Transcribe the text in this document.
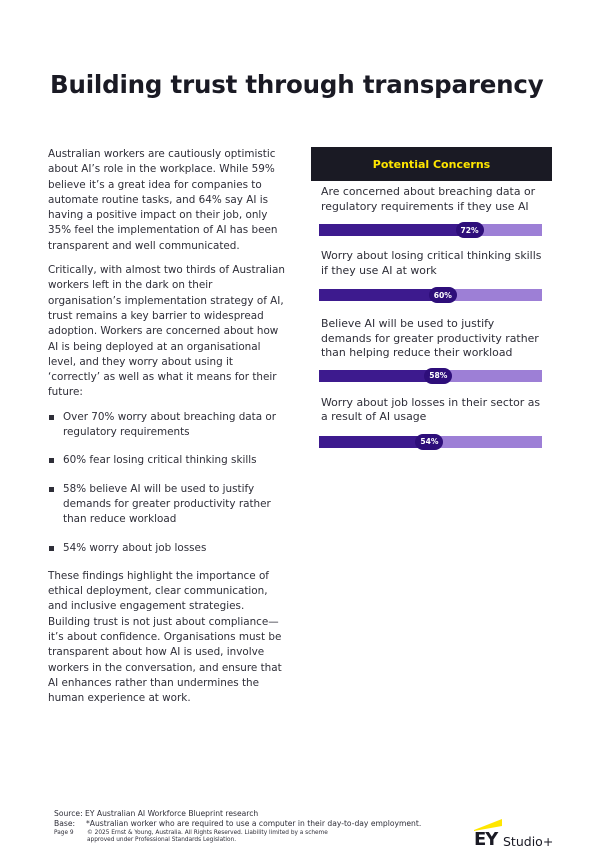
Building trust through transparency

Australian workers are cautiously optimistic about AI’s role in the workplace. While 59% believe it’s a great idea for companies to automate routine tasks, and 64% say AI is having a positive impact on their job, only 35% feel the implementation of AI has been transparent and well communicated.

Critically, with almost two thirds of Australian workers left in the dark on their organisation’s implementation strategy of AI, trust remains a key barrier to widespread adoption. Workers are concerned about how AI is being deployed at an organisational level, and they worry about using it ‘correctly’ as well as what it means for their future:

Over 70% worry about breaching data or regulatory requirements
60% fear losing critical thinking skills
58% believe AI will be used to justify demands for greater productivity rather than reduce workload
54% worry about job losses

These findings highlight the importance of ethical deployment, clear communication, and inclusive engagement strategies. Building trust is not just about compliance—it’s about confidence. Organisations must be transparent about how AI is used, involve workers in the conversation, and ensure that AI enhances rather than undermines the human experience at work.

Potential Concerns
Are concerned about breaching data or regulatory requirements if they use AI
72%
Worry about losing critical thinking skills if they use AI at work
60%
Believe AI will be used to justify demands for greater productivity rather than helping reduce their workload
58%
Worry about job losses in their sector as a result of AI usage
54%
Source: EY Australian AI Workforce Blueprint research
Base:	*Australian worker who are required to use a computer in their day-to-day employment.
Page 9	© 2025 Ernst & Young, Australia. All Rights Reserved. Liability limited by a scheme
approved under Professional Standards Legislation.	EY Studio+
